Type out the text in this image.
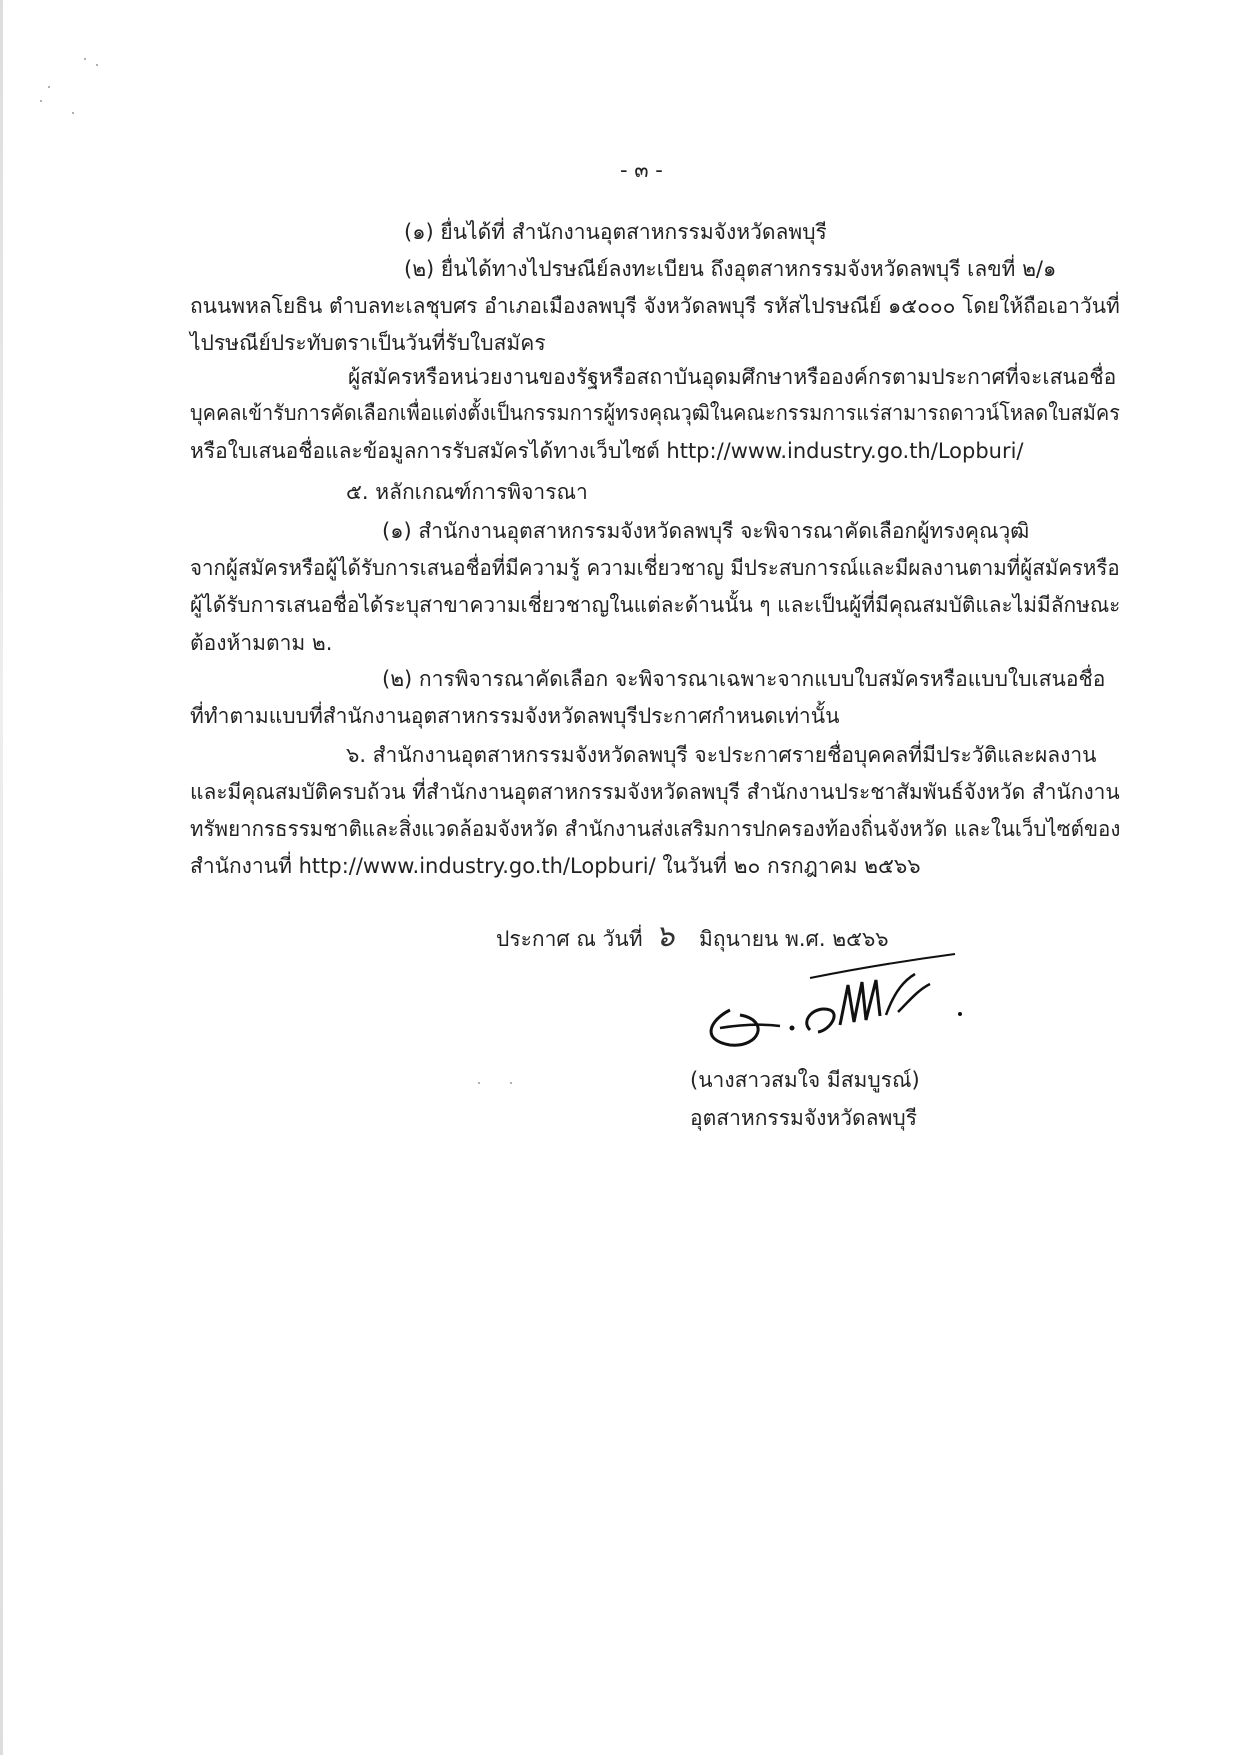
- ๓ -
(๑) ยื่นได้ที่ สำนักงานอุตสาหกรรมจังหวัดลพบุรี
(๒) ยื่นได้ทางไปรษณีย์ลงทะเบียน ถึงอุตสาหกรรมจังหวัดลพบุรี เลขที่ ๒/๑
ถนนพหลโยธิน ตำบลทะเลชุบศร อำเภอเมืองลพบุรี จังหวัดลพบุรี รหัสไปรษณีย์ ๑๕๐๐๐ โดยให้ถือเอาวันที่
ไปรษณีย์ประทับตราเป็นวันที่รับใบสมัคร
ผู้สมัครหรือหน่วยงานของรัฐหรือสถาบันอุดมศึกษาหรือองค์กรตามประกาศที่จะเสนอชื่อ
บุคคลเข้ารับการคัดเลือกเพื่อแต่งตั้งเป็นกรรมการผู้ทรงคุณวุฒิในคณะกรรมการแร่สามารถดาวน์โหลดใบสมัคร
หรือใบเสนอชื่อและข้อมูลการรับสมัครได้ทางเว็บไซต์ http://www.industry.go.th/Lopburi/
๕. หลักเกณฑ์การพิจารณา
(๑) สำนักงานอุตสาหกรรมจังหวัดลพบุรี จะพิจารณาคัดเลือกผู้ทรงคุณวุฒิ
จากผู้สมัครหรือผู้ได้รับการเสนอชื่อที่มีความรู้ ความเชี่ยวชาญ มีประสบการณ์และมีผลงานตามที่ผู้สมัครหรือ
ผู้ได้รับการเสนอชื่อได้ระบุสาขาความเชี่ยวชาญในแต่ละด้านนั้น ๆ และเป็นผู้ที่มีคุณสมบัติและไม่มีลักษณะ
ต้องห้ามตาม ๒.
(๒) การพิจารณาคัดเลือก จะพิจารณาเฉพาะจากแบบใบสมัครหรือแบบใบเสนอชื่อ
ที่ทำตามแบบที่สำนักงานอุตสาหกรรมจังหวัดลพบุรีประกาศกำหนดเท่านั้น
๖. สำนักงานอุตสาหกรรมจังหวัดลพบุรี จะประกาศรายชื่อบุคคลที่มีประวัติและผลงาน
และมีคุณสมบัติครบถ้วน ที่สำนักงานอุตสาหกรรมจังหวัดลพบุรี สำนักงานประชาสัมพันธ์จังหวัด สำนักงาน
ทรัพยากรธรรมชาติและสิ่งแวดล้อมจังหวัด สำนักงานส่งเสริมการปกครองท้องถิ่นจังหวัด และในเว็บไซต์ของ
สำนักงานที่ http://www.industry.go.th/Lopburi/ ในวันที่ ๒๐ กรกฎาคม ๒๕๖๖
ประกาศ ณ วันที่ ๖ มิถุนายน พ.ศ. ๒๕๖๖
(นางสาวสมใจ มีสมบูรณ์)
อุตสาหกรรมจังหวัดลพบุรี
